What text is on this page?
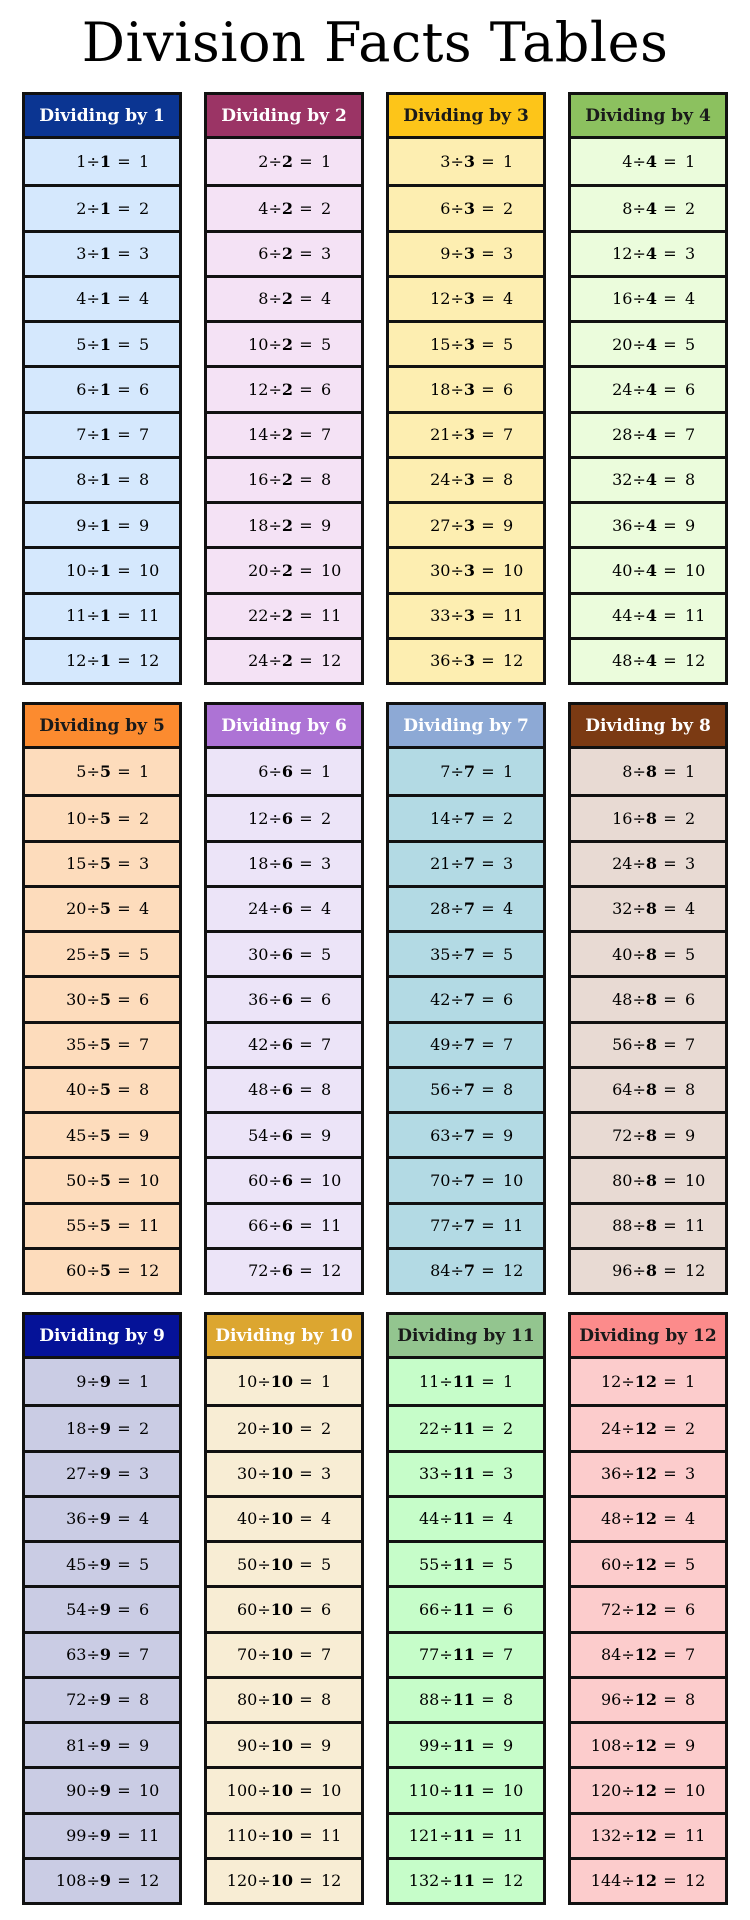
Division Facts Tables
Dividing by 1
1÷1 = 1
2÷1 = 2
3÷1 = 3
4÷1 = 4
5÷1 = 5
6÷1 = 6
7÷1 = 7
8÷1 = 8
9÷1 = 9
10÷1 = 10
11÷1 = 11
12÷1 = 12
Dividing by 2
2÷2 = 1
4÷2 = 2
6÷2 = 3
8÷2 = 4
10÷2 = 5
12÷2 = 6
14÷2 = 7
16÷2 = 8
18÷2 = 9
20÷2 = 10
22÷2 = 11
24÷2 = 12
Dividing by 3
3÷3 = 1
6÷3 = 2
9÷3 = 3
12÷3 = 4
15÷3 = 5
18÷3 = 6
21÷3 = 7
24÷3 = 8
27÷3 = 9
30÷3 = 10
33÷3 = 11
36÷3 = 12
Dividing by 4
4÷4 = 1
8÷4 = 2
12÷4 = 3
16÷4 = 4
20÷4 = 5
24÷4 = 6
28÷4 = 7
32÷4 = 8
36÷4 = 9
40÷4 = 10
44÷4 = 11
48÷4 = 12
Dividing by 5
5÷5 = 1
10÷5 = 2
15÷5 = 3
20÷5 = 4
25÷5 = 5
30÷5 = 6
35÷5 = 7
40÷5 = 8
45÷5 = 9
50÷5 = 10
55÷5 = 11
60÷5 = 12
Dividing by 6
6÷6 = 1
12÷6 = 2
18÷6 = 3
24÷6 = 4
30÷6 = 5
36÷6 = 6
42÷6 = 7
48÷6 = 8
54÷6 = 9
60÷6 = 10
66÷6 = 11
72÷6 = 12
Dividing by 7
7÷7 = 1
14÷7 = 2
21÷7 = 3
28÷7 = 4
35÷7 = 5
42÷7 = 6
49÷7 = 7
56÷7 = 8
63÷7 = 9
70÷7 = 10
77÷7 = 11
84÷7 = 12
Dividing by 8
8÷8 = 1
16÷8 = 2
24÷8 = 3
32÷8 = 4
40÷8 = 5
48÷8 = 6
56÷8 = 7
64÷8 = 8
72÷8 = 9
80÷8 = 10
88÷8 = 11
96÷8 = 12
Dividing by 9
9÷9 = 1
18÷9 = 2
27÷9 = 3
36÷9 = 4
45÷9 = 5
54÷9 = 6
63÷9 = 7
72÷9 = 8
81÷9 = 9
90÷9 = 10
99÷9 = 11
108÷9 = 12
Dividing by 10
10÷10 = 1
20÷10 = 2
30÷10 = 3
40÷10 = 4
50÷10 = 5
60÷10 = 6
70÷10 = 7
80÷10 = 8
90÷10 = 9
100÷10 = 10
110÷10 = 11
120÷10 = 12
Dividing by 11
11÷11 = 1
22÷11 = 2
33÷11 = 3
44÷11 = 4
55÷11 = 5
66÷11 = 6
77÷11 = 7
88÷11 = 8
99÷11 = 9
110÷11 = 10
121÷11 = 11
132÷11 = 12
Dividing by 12
12÷12 = 1
24÷12 = 2
36÷12 = 3
48÷12 = 4
60÷12 = 5
72÷12 = 6
84÷12 = 7
96÷12 = 8
108÷12 = 9
120÷12 = 10
132÷12 = 11
144÷12 = 12
